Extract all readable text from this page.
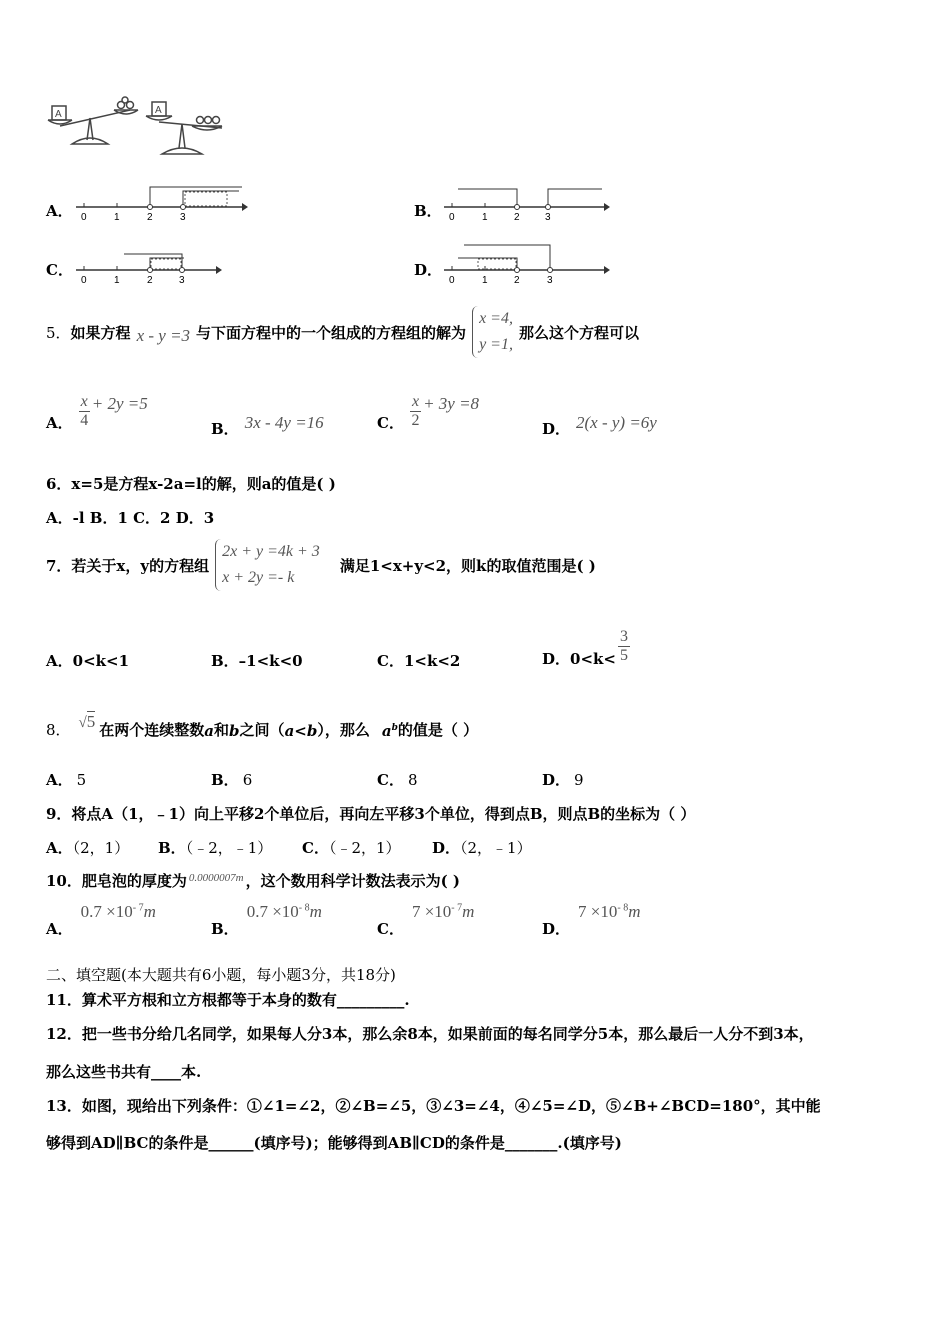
A	A
A． 0	1	2	3	B． 0	1	2	3
C．
0	1	2	3
D．
0	1	2	3
5． 如果方程 x - y =3 与下面方程中的一个组成的方程组的解为
x =4,
y =1,
那么这个方程可以
A． $\frac{x}{4} + 2y =5$
B． 3x - 4y =16	C． $\frac{x}{2} + 3y =8$
D． 2(x - y) =6y
6．x=5是方程x-2a=l的解，则a的值是( )
A．-l B．1 C．2 D．3
7．若关于x，y的方程组
2x + y =4k + 3
x + 2y =- k
满足1<x+y<2，则k的取值范围是( )
A．0<k<1	B．–1<k<0	C．1<k<2	D．$0<k< \frac{3}{5}$
8． √5 在两个连续整数 a 和 b 之间（ a<b ），那么 $a^b$ 的值是（ ）
A． 5	B． 6	C． 8	D． 9
9．将点A（1，﹣1）向上平移2个单位后，再向左平移3个单位，得到点B，则点B的坐标为（ ）
A．（2，1） B．（﹣2，﹣1） C．（﹣2，1） D．（2，﹣1）
10．肥皂泡的厚度为 0.0000007m ，这个数用科学计数法表示为( )
A．
$0.7 \times 10^{- 7}m$
B．
$0.7 \times 10^{- 8}m$
C．
$7 \times 10^{- 7}m$
D．
$7 \times 10^{- 8}m$
二、填空题(本大题共有6小题，每小题3分，共18分)
11．算术平方根和立方根都等于本身的数有_________.
12．把一些书分给几名同学，如果每人分3本，那么余8本，如果前面的每名同学分5本，那么最后一人分不到3本，
那么这些书共有____本.
13．如图，现给出下列条件：①∠1=∠2，②∠B=∠5，③∠3=∠4，④∠5=∠D，⑤∠B+∠BCD=180°，其中能
够得到AD∥BC的条件是______(填序号)；能够得到AB∥CD的条件是_______.(填序号)
